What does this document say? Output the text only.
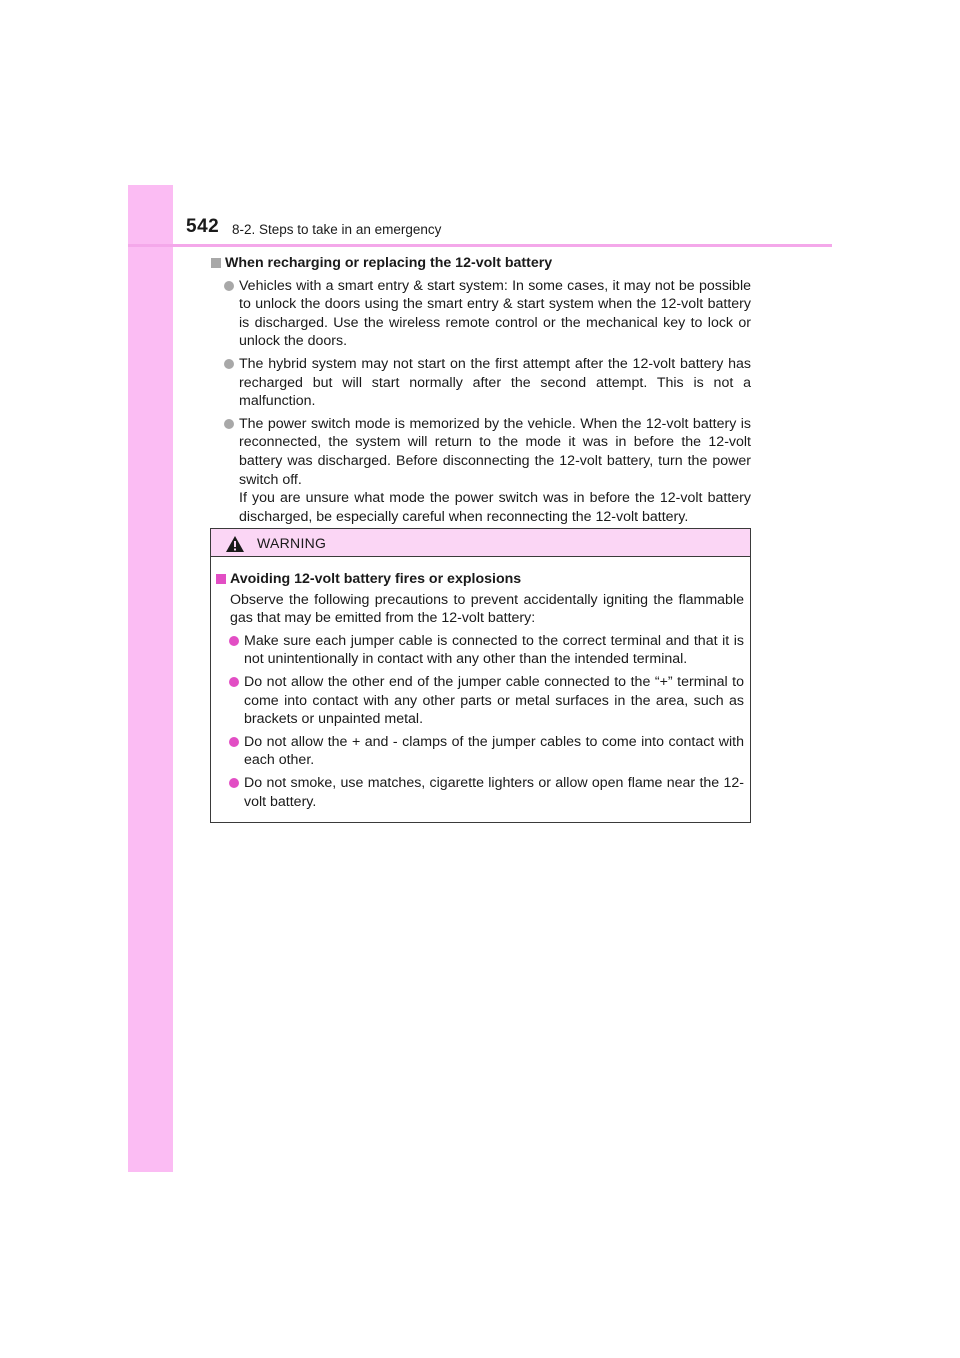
542 8-2. Steps to take in an emergency
When recharging or replacing the 12-volt battery
Vehicles with a smart entry & start system: In some cases, it may not be possible to unlock the doors using the smart entry & start system when the 12-volt battery is discharged. Use the wireless remote control or the mechanical key to lock or unlock the doors.
The hybrid system may not start on the first attempt after the 12-volt battery has recharged but will start normally after the second attempt. This is not a malfunction.
The power switch mode is memorized by the vehicle. When the 12-volt battery is reconnected, the system will return to the mode it was in before the 12-volt battery was discharged. Before disconnecting the 12-volt battery, turn the power switch off.
If you are unsure what mode the power switch was in before the 12-volt battery discharged, be especially careful when reconnecting the 12-volt battery.
WARNING
Avoiding 12-volt battery fires or explosions
Observe the following precautions to prevent accidentally igniting the flammable gas that may be emitted from the 12-volt battery:
Make sure each jumper cable is connected to the correct terminal and that it is not unintentionally in contact with any other than the intended terminal.
Do not allow the other end of the jumper cable connected to the “+” terminal to come into contact with any other parts or metal surfaces in the area, such as brackets or unpainted metal.
Do not allow the + and - clamps of the jumper cables to come into contact with each other.
Do not smoke, use matches, cigarette lighters or allow open flame near the 12-volt battery.
